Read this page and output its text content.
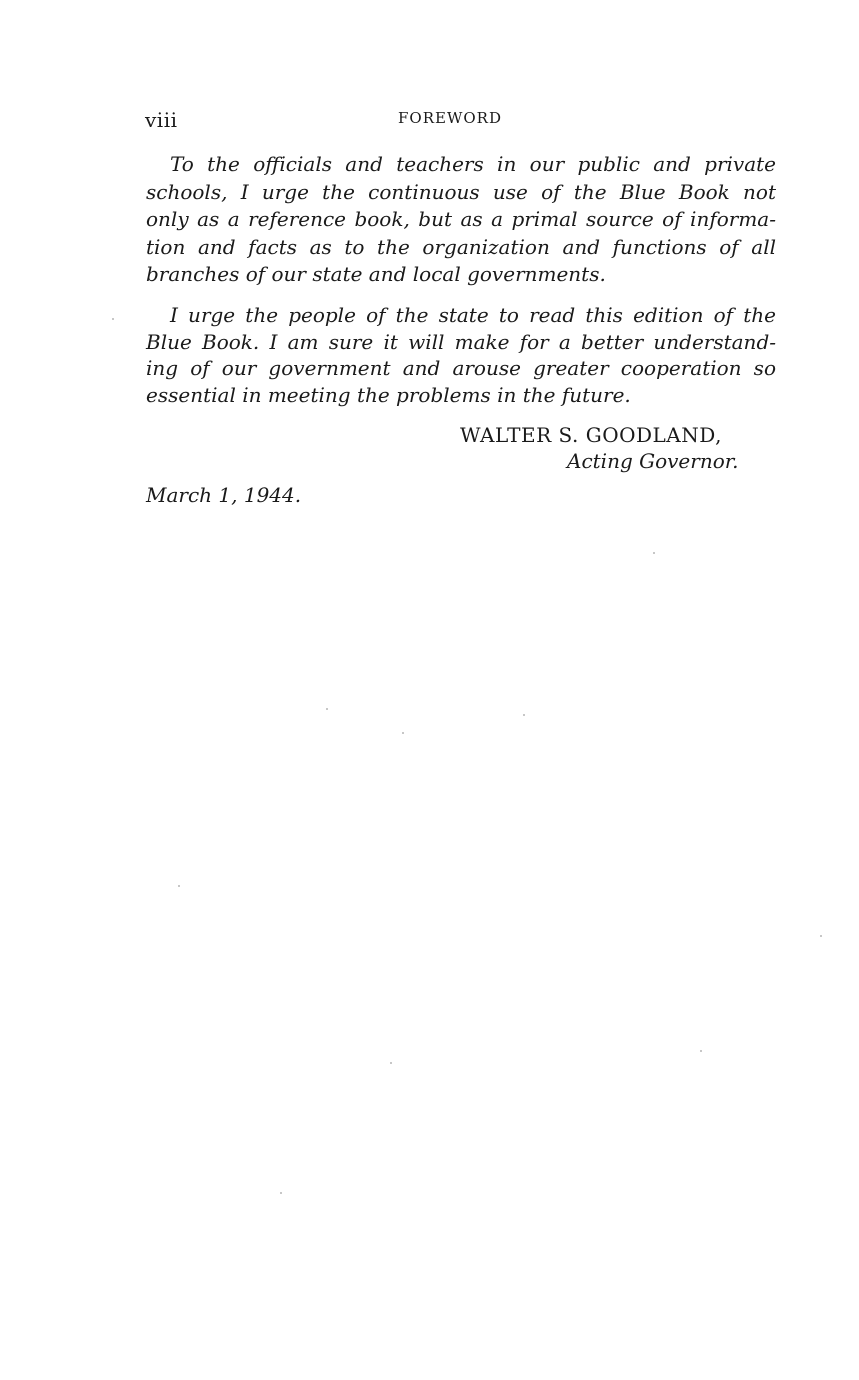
viii	FOREWORD
To the officials and teachers in our public and private
schools, I urge the continuous use of the Blue Book not
only as a reference book, but as a primal source of informa-
tion and facts as to the organization and functions of all
branches of our state and local governments.
I urge the people of the state to read this edition of the
Blue Book. I am sure it will make for a better understand-
ing of our government and arouse greater cooperation so
essential in meeting the problems in the future.
WALTER S. GOODLAND,
Acting Governor.
March 1, 1944.
